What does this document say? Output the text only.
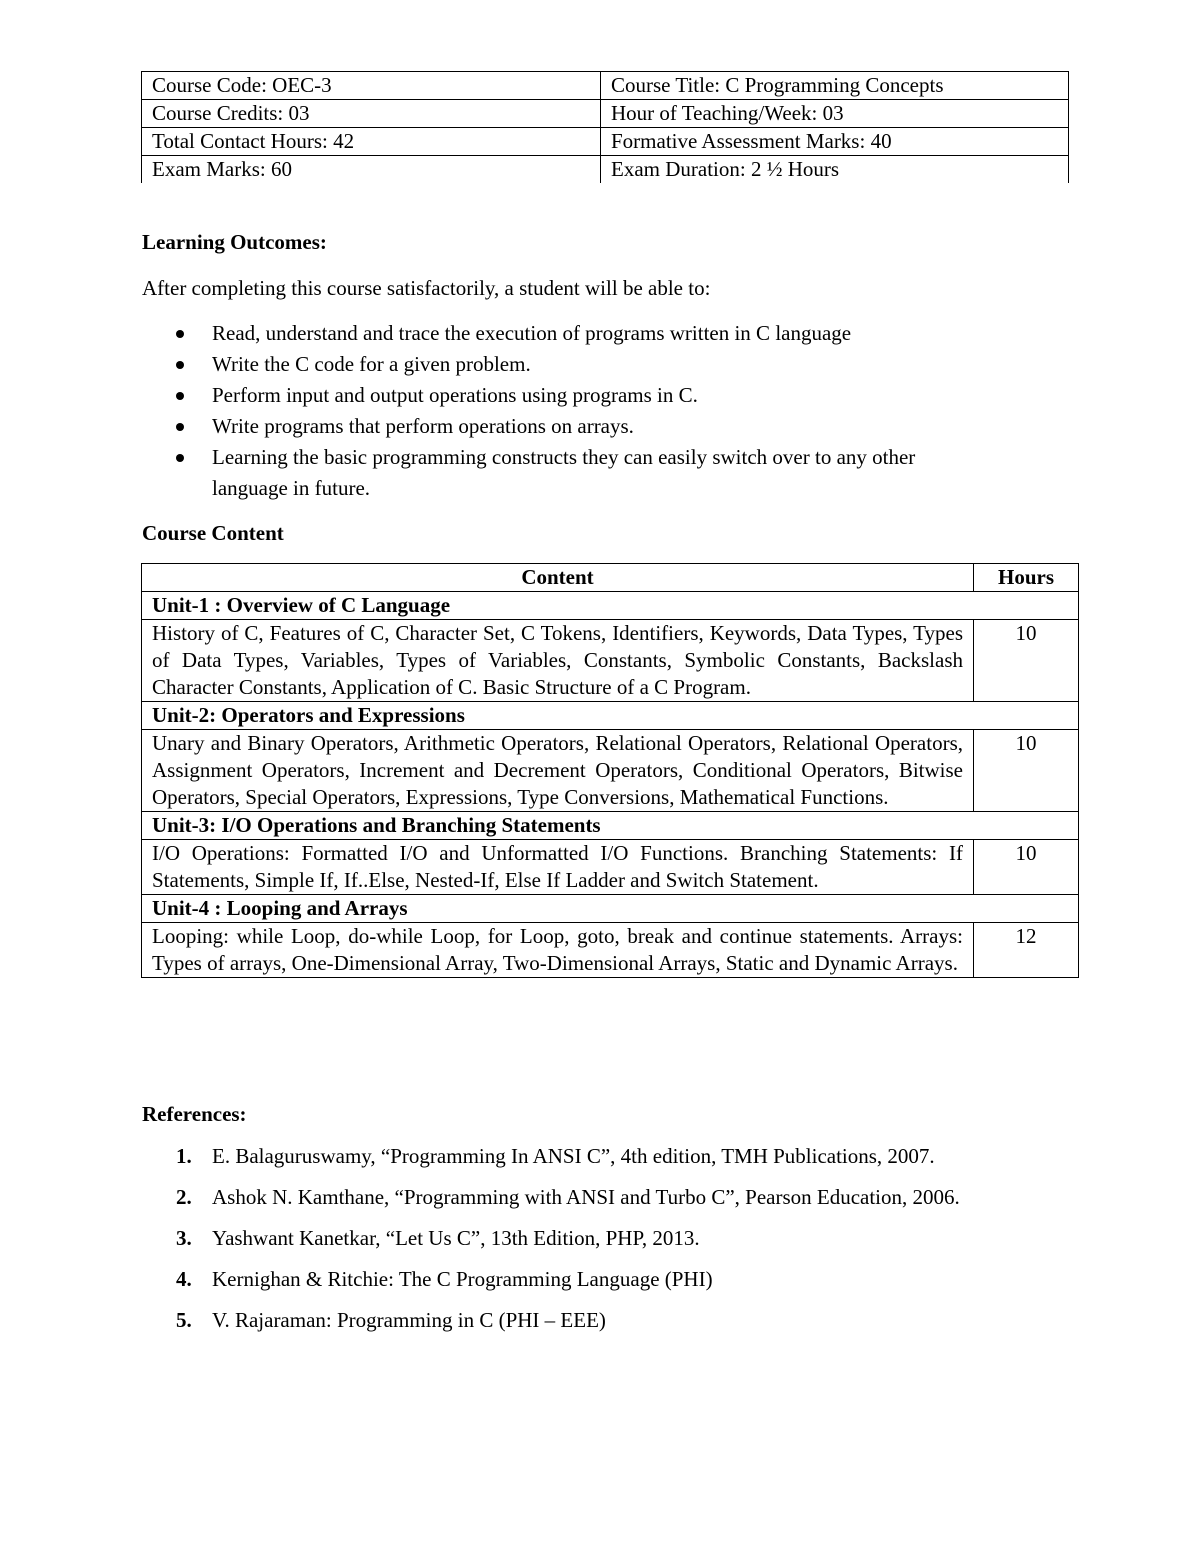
Course Code: OEC-3	Course Title: C Programming Concepts
Course Credits: 03	Hour of Teaching/Week: 03
Total Contact Hours: 42	Formative Assessment Marks: 40
Exam Marks: 60	Exam Duration: 2 ½ Hours
Learning Outcomes:
After completing this course satisfactorily, a student will be able to:
Read, understand and trace the execution of programs written in C language
Write the C code for a given problem.
Perform input and output operations using programs in C.
Write programs that perform operations on arrays.
Learning the basic programming constructs they can easily switch over to any other language in future.
Course Content
Content	Hours
Unit-1 : Overview of C Language	
History of C, Features of C, Character Set, C Tokens, Identifiers, Keywords, Data Types, Types of Data Types, Variables, Types of Variables, Constants, Symbolic Constants, Backslash Character Constants, Application of C. Basic Structure of a C Program.	10
Unit-2: Operators and Expressions	
Unary and Binary Operators, Arithmetic Operators, Relational Operators, Relational Operators, Assignment Operators, Increment and Decrement Operators, Conditional Operators, Bitwise Operators, Special Operators, Expressions, Type Conversions, Mathematical Functions.	10
Unit-3: I/O Operations and Branching Statements	
I/O Operations: Formatted I/O and Unformatted I/O Functions. Branching Statements: If Statements, Simple If, If..Else, Nested-If, Else If Ladder and Switch Statement.	10
Unit-4 : Looping and Arrays	
Looping: while Loop, do-while Loop, for Loop, goto, break and continue statements. Arrays: Types of arrays, One-Dimensional Array, Two-Dimensional Arrays, Static and Dynamic Arrays.	12
References:
1. E. Balaguruswamy, “Programming In ANSI C”, 4th edition, TMH Publications, 2007.
2. Ashok N. Kamthane, “Programming with ANSI and Turbo C”, Pearson Education, 2006.
3. Yashwant Kanetkar, “Let Us C”, 13th Edition, PHP, 2013.
4. Kernighan & Ritchie: The C Programming Language (PHI)
5. V. Rajaraman: Programming in C (PHI – EEE)
